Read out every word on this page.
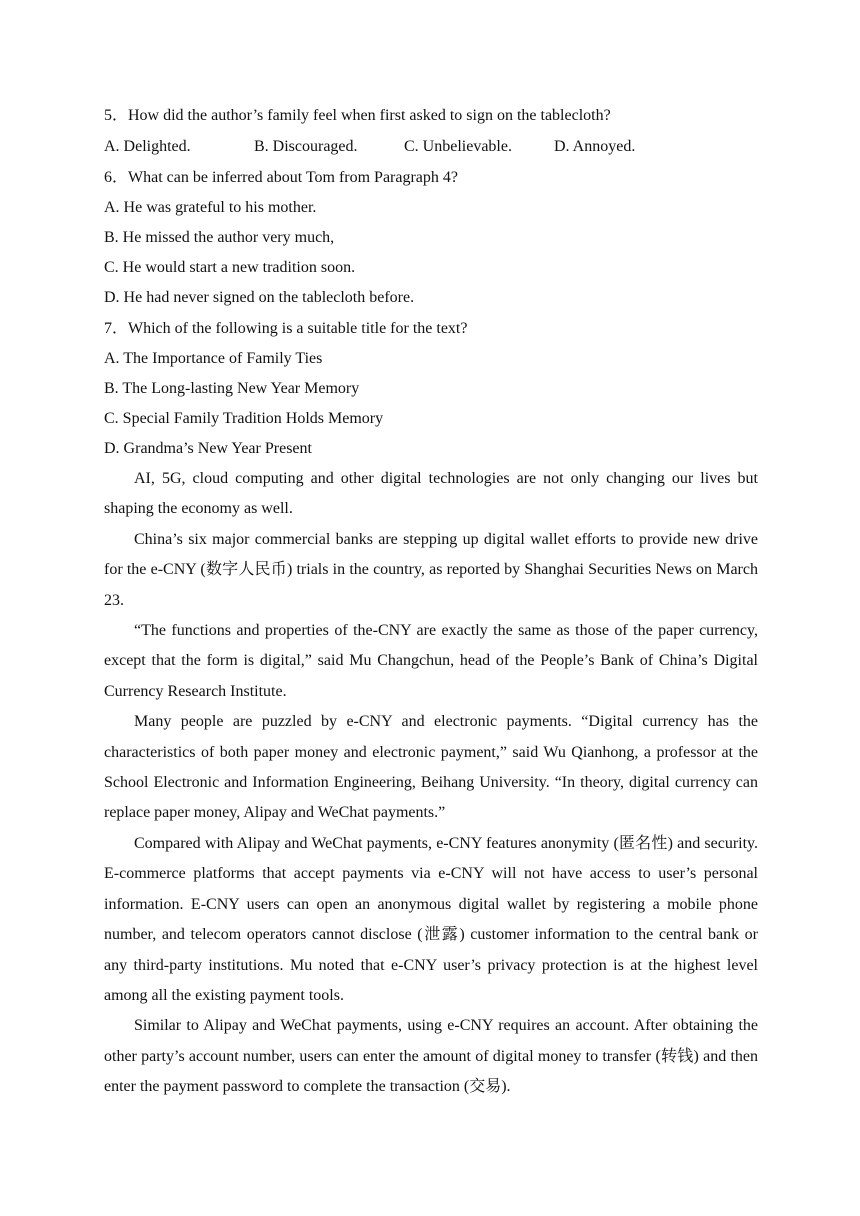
5．How did the author’s family feel when first asked to sign on the tablecloth?
A. Delighted.	B. Discouraged.	C. Unbelievable.	D. Annoyed.
6．What can be inferred about Tom from Paragraph 4?
A. He was grateful to his mother.
B. He missed the author very much,
C. He would start a new tradition soon.
D. He had never signed on the tablecloth before.
7．Which of the following is a suitable title for the text?
A. The Importance of Family Ties
B. The Long-lasting New Year Memory
C. Special Family Tradition Holds Memory
D. Grandma’s New Year Present

AI, 5G, cloud computing and other digital technologies are not only changing our lives but shaping the economy as well.

China’s six major commercial banks are stepping up digital wallet efforts to provide new drive for the e-CNY (数字人民币) trials in the country, as reported by Shanghai Securities News on March 23.

“The functions and properties of the-CNY are exactly the same as those of the paper currency, except that the form is digital,” said Mu Changchun, head of the People’s Bank of China’s Digital Currency Research Institute.

Many people are puzzled by e-CNY and electronic payments. “Digital currency has the characteristics of both paper money and electronic payment,” said Wu Qianhong, a professor at the School Electronic and Information Engineering, Beihang University. “In theory, digital currency can replace paper money, Alipay and WeChat payments.”

Compared with Alipay and WeChat payments, e-CNY features anonymity (匿名性) and security. E-commerce platforms that accept payments via e-CNY will not have access to user’s personal information. E-CNY users can open an anonymous digital wallet by registering a mobile phone number, and telecom operators cannot disclose (泄露) customer information to the central bank or any third-party institutions. Mu noted that e-CNY user’s privacy protection is at the highest level among all the existing payment tools.

Similar to Alipay and WeChat payments, using e-CNY requires an account. After obtaining the other party’s account number, users can enter the amount of digital money to transfer (转钱) and then enter the payment password to complete the transaction (交易).
